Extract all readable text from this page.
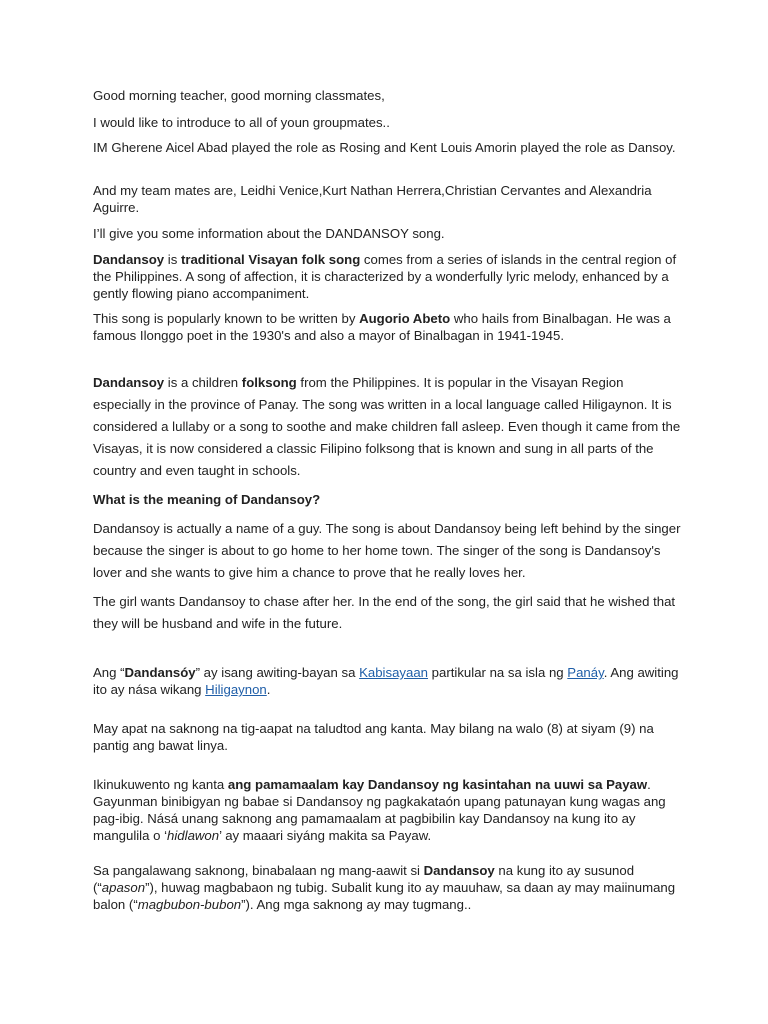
Good morning teacher, good morning classmates,

I would like to introduce to all of youn groupmates..

IM Gherene Aicel Abad played the role as Rosing and Kent Louis Amorin played the role as Dansoy.

And my team mates are, Leidhi Venice,Kurt Nathan Herrera,Christian Cervantes and Alexandria Aguirre.

I’ll give you some information about the DANDANSOY song.

Dandansoy is traditional Visayan folk song comes from a series of islands in the central region of the Philippines. A song of affection, it is characterized by a wonderfully lyric melody, enhanced by a gently flowing piano accompaniment.

This song is popularly known to be written by Augorio Abeto who hails from Binalbagan. He was a famous Ilonggo poet in the 1930's and also a mayor of Binalbagan in 1941-1945.

Dandansoy is a children folksong from the Philippines. It is popular in the Visayan Region especially in the province of Panay. The song was written in a local language called Hiligaynon. It is considered a lullaby or a song to soothe and make children fall asleep. Even though it came from the Visayas, it is now considered a classic Filipino folksong that is known and sung in all parts of the country and even taught in schools.

What is the meaning of Dandansoy?

Dandansoy is actually a name of a guy. The song is about Dandansoy being left behind by the singer because the singer is about to go home to her home town. The singer of the song is Dandansoy's lover and she wants to give him a chance to prove that he really loves her.

The girl wants Dandansoy to chase after her. In the end of the song, the girl said that he wished that they will be husband and wife in the future.

Ang “Dandansóy” ay isang awiting-bayan sa Kabisayaan partikular na sa isla ng Panáy. Ang awiting ito ay nása wikang Hiligaynon.

May apat na saknong na tig-aapat na taludtod ang kanta. May bilang na walo (8) at siyam (9) na pantig ang bawat linya.

Ikinukuwento ng kanta ang pamamaalam kay Dandansoy ng kasintahan na uuwi sa Payaw. Gayunman binibigyan ng babae si Dandansoy ng pagkakataón upang patunayan kung wagas ang pag-ibig. Násá unang saknong ang pamamaalam at pagbibilin kay Dandansoy na kung ito ay mangulila o ‘hidlawon’ ay maaari siyáng makita sa Payaw.

Sa pangalawang saknong, binabalaan ng mang-aawit si Dandansoy na kung ito ay susunod (“apason”), huwag magbabaon ng tubig. Subalit kung ito ay mauuhaw, sa daan ay may maiinumang balon (“magbubon-bubon”). Ang mga saknong ay may tugmang..
